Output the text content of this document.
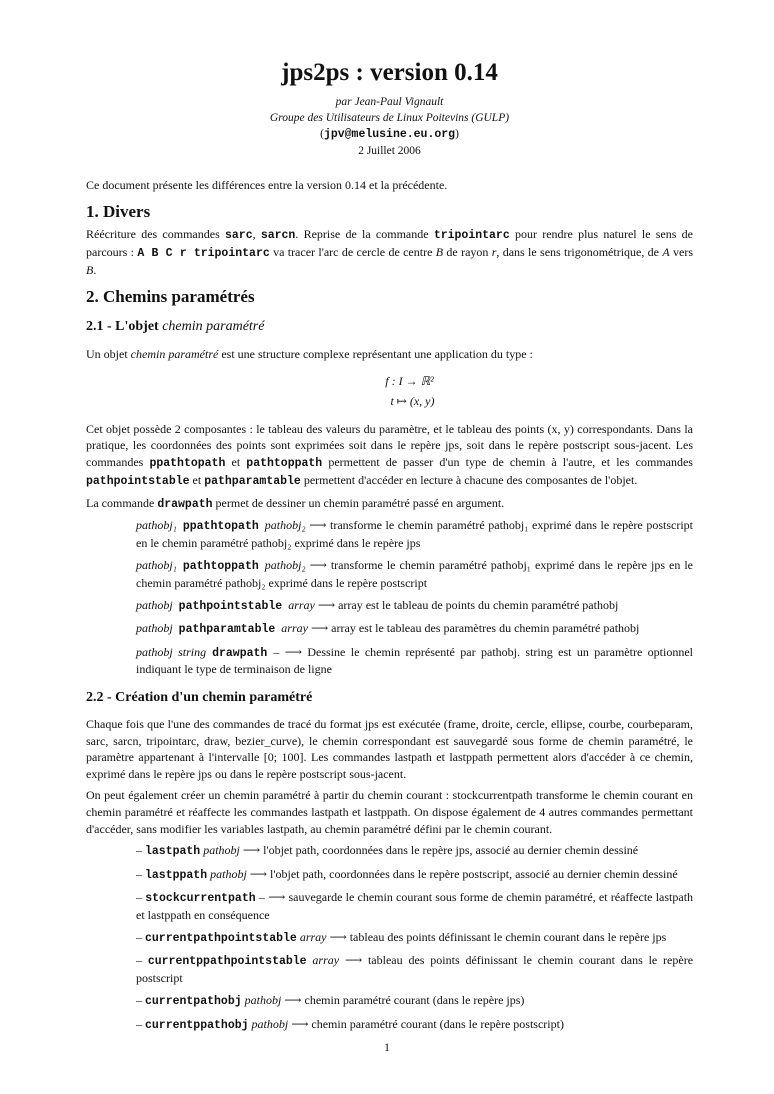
jps2ps : version 0.14
par Jean-Paul Vignault
Groupe des Utilisateurs de Linux Poitevins (GULP)
(jpv@melusine.eu.org)
2 Juillet 2006

Ce document présente les différences entre la version 0.14 et la précédente.

1. Divers

Réécriture des commandes sarc, sarcn. Reprise de la commande tripointarc pour rendre plus naturel le sens de parcours : A B C r tripointarc va tracer l'arc de cercle de centre B de rayon r, dans le sens trigonométrique, de A vers B.

2. Chemins paramétrés
2.1 - L'objet chemin paramétré

Un objet chemin paramétré est une structure complexe représentant une application du type :

f : I → ℝ²
t ↦ (x, y)

Cet objet possède 2 composantes : le tableau des valeurs du paramètre, et le tableau des points (x, y) correspondants. Dans la pratique, les coordonnées des points sont exprimées soit dans le repère jps, soit dans le repère postscript sous-jacent. Les commandes ppathtopath et pathtoppath permettent de passer d'un type de chemin à l'autre, et les commandes pathpointstable et pathparamtable permettent d'accéder en lecture à chacune des composantes de l'objet.

La commande drawpath permet de dessiner un chemin paramétré passé en argument.

pathobj₁ ppathtopath pathobj₂ ⟶ transforme le chemin paramétré pathobj₁ exprimé dans le repère postscript en le chemin paramétré pathobj₂ exprimé dans le repère jps
pathobj₁ pathtoppath pathobj₂ ⟶ transforme le chemin paramétré pathobj₁ exprimé dans le repère jps en le chemin paramétré pathobj₂ exprimé dans le repère postscript
pathobj pathpointstable array ⟶ array est le tableau de points du chemin paramétré pathobj
pathobj pathparamtable array ⟶ array est le tableau des paramètres du chemin paramétré pathobj
pathobj string drawpath – ⟶ Dessine le chemin représenté par pathobj. string est un paramètre optionnel indiquant le type de terminaison de ligne
2.2 - Création d'un chemin paramétré

Chaque fois que l'une des commandes de tracé du format jps est exécutée (frame, droite, cercle, ellipse, courbe, courbeparam, sarc, sarcn, tripointarc, draw, bezier_curve), le chemin correspondant est sauvegardé sous forme de chemin paramétré, le paramètre appartenant à l'intervalle [0; 100]. Les commandes lastpath et lastppath permettent alors d'accéder à ce chemin, exprimé dans le repère jps ou dans le repère postscript sous-jacent.

On peut également créer un chemin paramétré à partir du chemin courant : stockcurrentpath transforme le chemin courant en chemin paramétré et réaffecte les commandes lastpath et lastppath. On dispose également de 4 autres commandes permettant d'accéder, sans modifier les variables lastpath, au chemin paramétré défini par le chemin courant.

– lastpath pathobj ⟶ l'objet path, coordonnées dans le repère jps, associé au dernier chemin dessiné
– lastppath pathobj ⟶ l'objet path, coordonnées dans le repère postscript, associé au dernier chemin dessiné
– stockcurrentpath – ⟶ sauvegarde le chemin courant sous forme de chemin paramétré, et réaffecte lastpath et lastppath en conséquence
– currentpathpointstable array ⟶ tableau des points définissant le chemin courant dans le repère jps
– currentppathpointstable array ⟶ tableau des points définissant le chemin courant dans le repère postscript
– currentpathobj pathobj ⟶ chemin paramétré courant (dans le repère jps)
– currentppathobj pathobj ⟶ chemin paramétré courant (dans le repère postscript)
1
